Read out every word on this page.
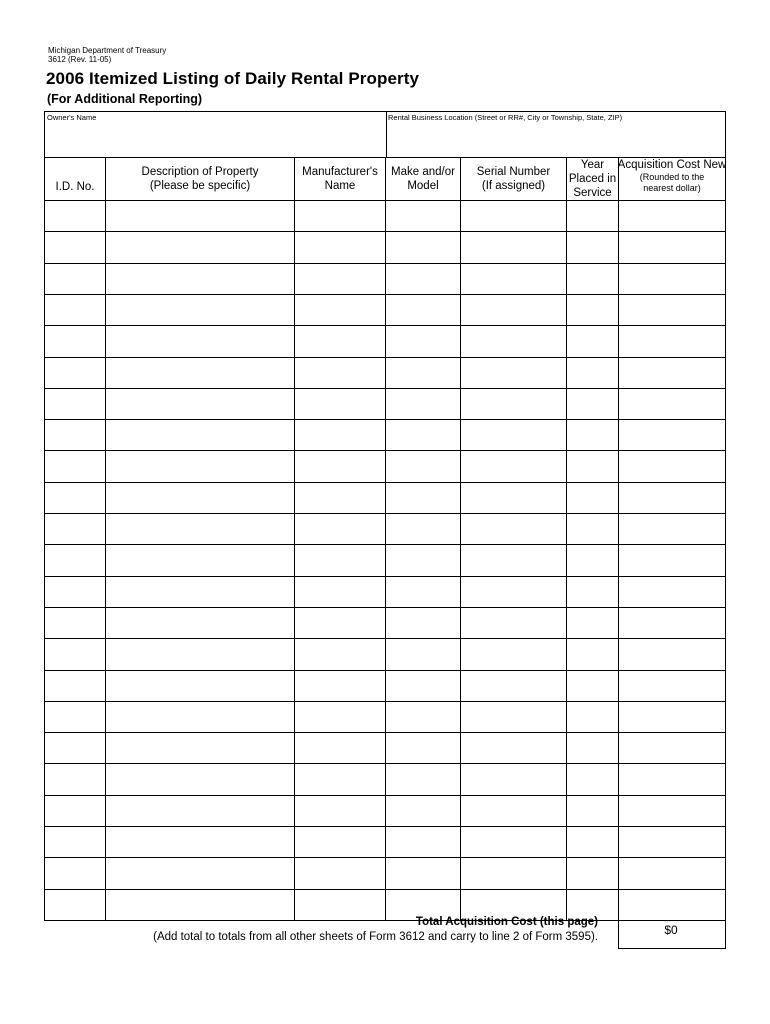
Michigan Department of Treasury
3612 (Rev. 11-05)
2006 Itemized Listing of Daily Rental Property
(For Additional Reporting)
Owner's Name	Rental Business Location (Street or RR#, City or Township, State, ZIP)
I.D. No.
Description of Property
(Please be specific)
Manufacturer's
Name
Make and/or
Model
Serial Number
(If assigned)
Year
Placed in
Service
Acquisition Cost New
(Rounded to the
nearest dollar)
Total Acquisition Cost (this page)
(Add total to totals from all other sheets of Form 3612 and carry to line 2 of Form 3595).
$0
